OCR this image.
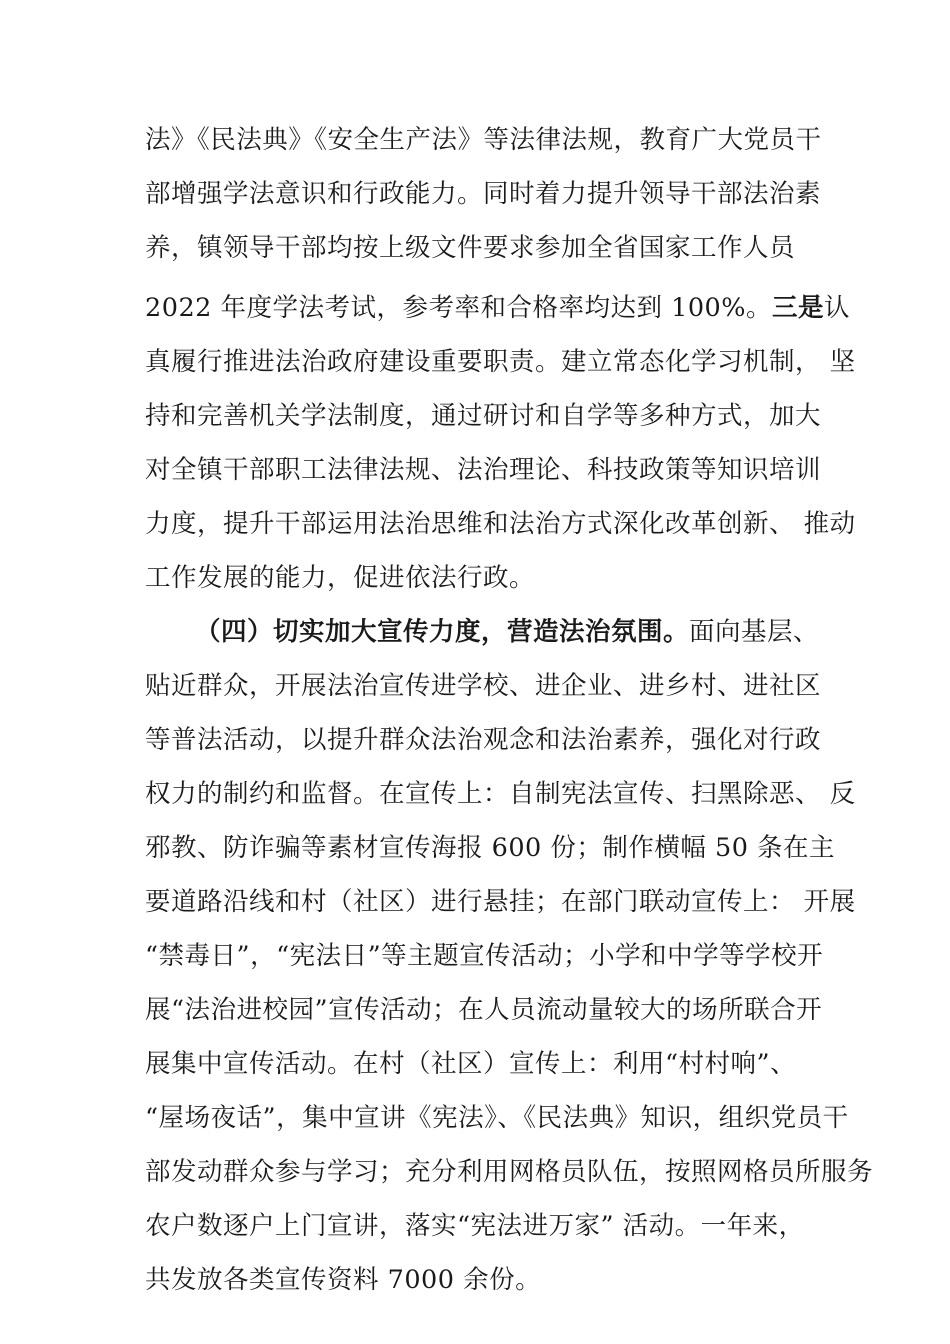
法》《民法典》《安全生产法》等法律法规，教育广大党员干
部增强学法意识和行政能力。同时着力提升领导干部法治素
养，镇领导干部均按上级文件要求参加全省国家工作人员
2022 年度学法考试，参考率和合格率均达到 100%。三是认
真履行推进法治政府建设重要职责。建立常态化学习机制， 坚
持和完善机关学法制度，通过研讨和自学等多种方式，加大
对全镇干部职工法律法规、法治理论、科技政策等知识培训
力度，提升干部运用法治思维和法治方式深化改革创新、 推动
工作发展的能力，促进依法行政。
（四）切实加大宣传力度，营造法治氛围。面向基层、
贴近群众，开展法治宣传进学校、进企业、进乡村、进社区
等普法活动，以提升群众法治观念和法治素养，强化对行政
权力的制约和监督。在宣传上：自制宪法宣传、扫黑除恶、 反
邪教、防诈骗等素材宣传海报 600 份；制作横幅 50 条在主
要道路沿线和村（社区）进行悬挂；在部门联动宣传上： 开展
“禁毒日”，“宪法日”等主题宣传活动；小学和中学等学校开
展“法治进校园”宣传活动；在人员流动量较大的场所联合开
展集中宣传活动。在村（社区）宣传上：利用“村村响”、
“屋场夜话”，集中宣讲《宪法》、《民法典》知识，组织党员干
部发动群众参与学习；充分利用网格员队伍，按照网格员所服务
农户数逐户上门宣讲，落实“宪法进万家” 活动。一年来，
共发放各类宣传资料 7000 余份。
